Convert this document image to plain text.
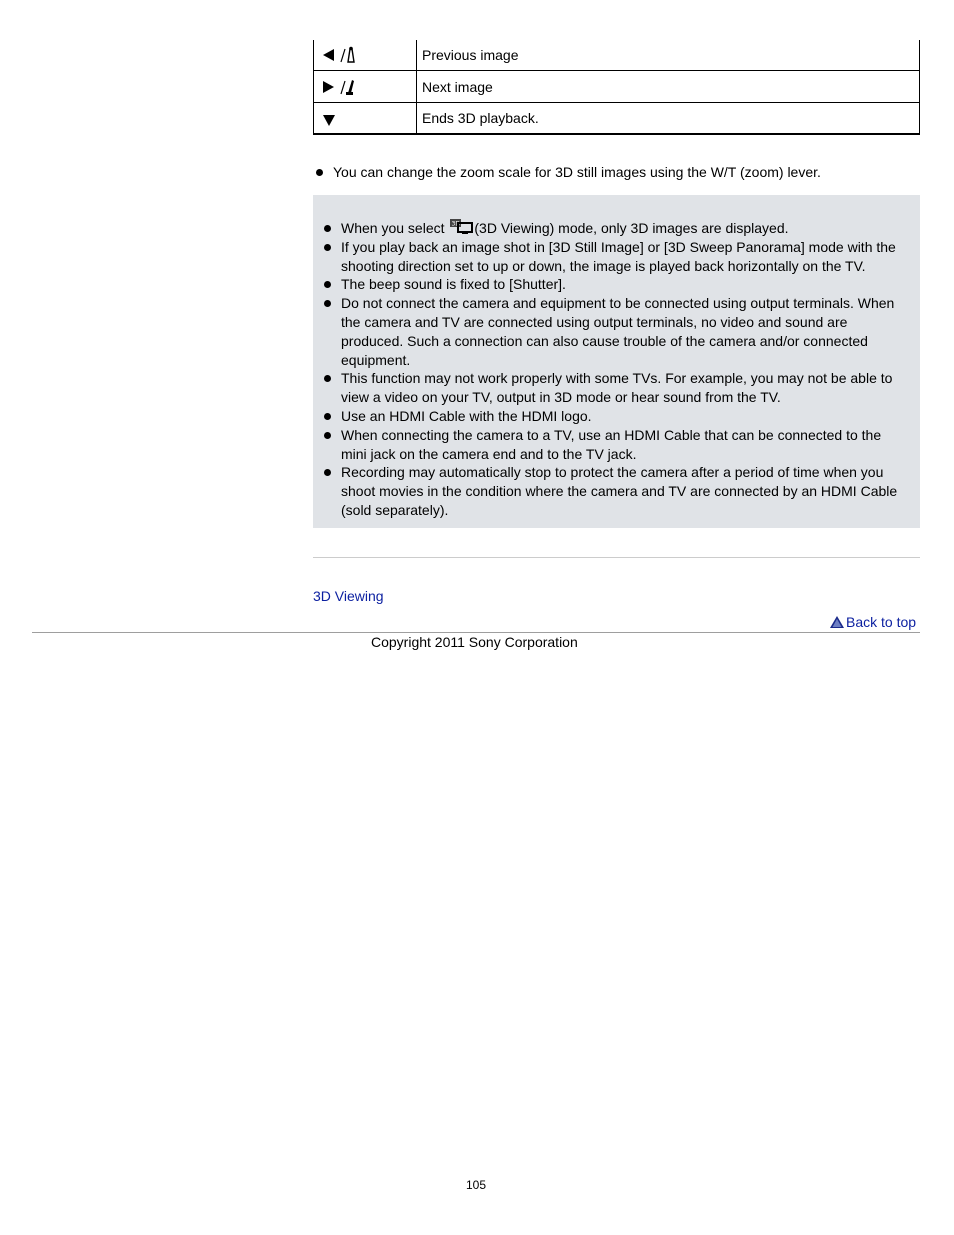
	Previous image
	Next image
	Ends 3D playback.
You can change the zoom scale for 3D still images using the W/T (zoom) lever.
When you select 3D (3D Viewing) mode, only 3D images are displayed.
If you play back an image shot in [3D Still Image] or [3D Sweep Panorama] mode with the shooting direction set to up or down, the image is played back horizontally on the TV.
The beep sound is fixed to [Shutter].
Do not connect the camera and equipment to be connected using output terminals. When the camera and TV are connected using output terminals, no video and sound are produced. Such a connection can also cause trouble of the camera and/or connected equipment.
This function may not work properly with some TVs. For example, you may not be able to view a video on your TV, output in 3D mode or hear sound from the TV.
Use an HDMI Cable with the HDMI logo.
When connecting the camera to a TV, use an HDMI Cable that can be connected to the mini jack on the camera end and to the TV jack.
Recording may automatically stop to protect the camera after a period of time when you shoot movies in the condition where the camera and TV are connected by an HDMI Cable (sold separately).
3D Viewing
Back to top
Copyright 2011 Sony Corporation
105
